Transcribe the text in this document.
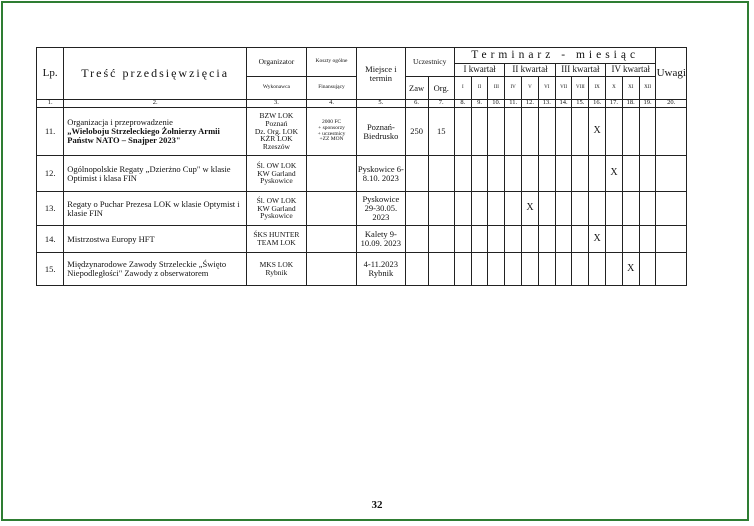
Lp.	Treść przedsięwzięcia	Organizator	Koszty ogólne	Miejsce i termin	Uczestnicy		Terminarz - miesiąc												Uwagi
							I kwartał			II kwartał			III kwartał			IV kwartał			
		Wykonawca	Finansujący		Zaw	Org.	I	II	III	IV	V	VI	VII	VIII	IX	X	XI	XII	
1.	2.	3.	4.	5.	6.	7.	8.	9.	10.	11.	12.	13.	14.	15.	16.	17.	18.	19.	20.
11.	Organizacja i przeprowadzenie
„Wieloboju Strzeleckiego Żołnierzy Armii Państw NATO – Snajper 2023"	BZW LOK
Poznań
Dz. Org. LOK
KŻR LOK
Rzeszów	2000 FC
+ sponsorzy
+ uczestnicy
+ZZ MON	Poznań-Biedrusko	250	15									X				
12.	Ogólnopolskie Regaty „Dzierżno Cup" w klasie Optimist i klasa FIN	Śl. OW LOK
KW Garland
Pyskowice		Pyskowice 6-8.10. 2023												X			
13.	Regaty o Puchar Prezesa LOK w klasie Optymist i klasie FIN	Śl. OW LOK
KW Garland
Pyskowice		Pyskowice 29-30.05. 2023							X								
14.	Mistrzostwa Europy HFT	ŚKS HUNTER
TEAM LOK		Kalety 9-10.09. 2023											X				
15.	Międzynarodowe Zawody Strzeleckie „Święto Niepodległości" Zawody z obserwatorem	MKS LOK
Rybnik		4-11.2023 Rybnik													X		
32
